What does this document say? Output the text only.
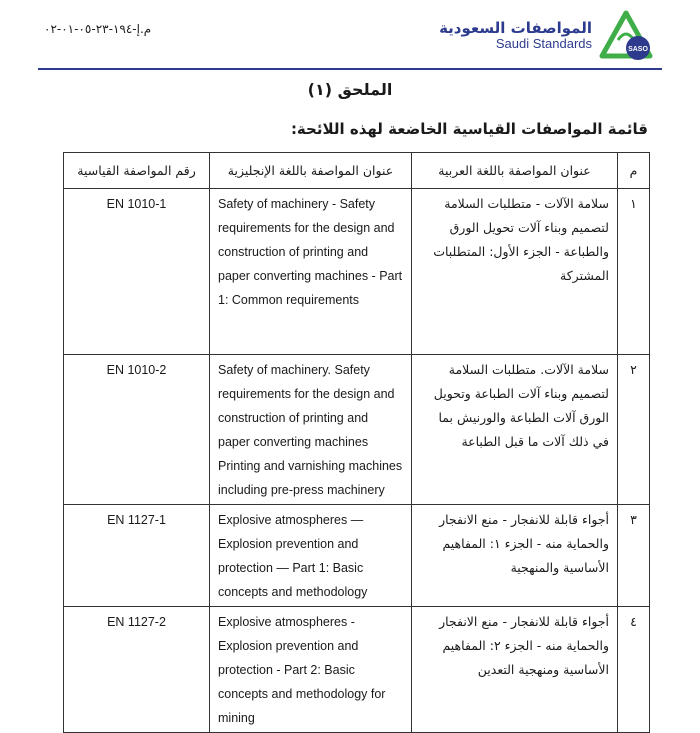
م.إ-١٩٤-٢٣-٠٥-٠١-٠٢	المواصفات السعودية
Saudi Standards	SASO
الملحق (١)
قائمة المواصفات القياسية الخاضعة لهذه اللائحة:
رقم المواصفة القياسية	عنوان المواصفة باللغة الإنجليزية	عنوان المواصفة باللغة العربية	م
EN 1010-1	Safety of machinery - Safety requirements for the design and construction of printing and paper converting machines - Part 1: Common requirements	سلامة الآلات - متطلبات السلامة لتصميم وبناء آلات تحويل الورق والطباعة - الجزء الأول: المتطلبات المشتركة	١
EN 1010-2	Safety of machinery. Safety requirements for the design and construction of printing and paper converting machines Printing and varnishing machines including pre-press machinery	سلامة الآلات. متطلبات السلامة لتصميم وبناء آلات الطباعة وتحويل الورق آلات الطباعة والورنيش بما في ذلك آلات ما قبل الطباعة	٢
EN 1127-1	Explosive atmospheres — Explosion prevention and protection — Part 1: Basic concepts and methodology	أجواء قابلة للانفجار - منع الانفجار والحماية منه - الجزء ١: المفاهيم الأساسية والمنهجية	٣
EN 1127-2	Explosive atmospheres - Explosion prevention and protection - Part 2: Basic concepts and methodology for mining	أجواء قابلة للانفجار - منع الانفجار والحماية منه - الجزء ٢: المفاهيم الأساسية ومنهجية التعدين	٤
